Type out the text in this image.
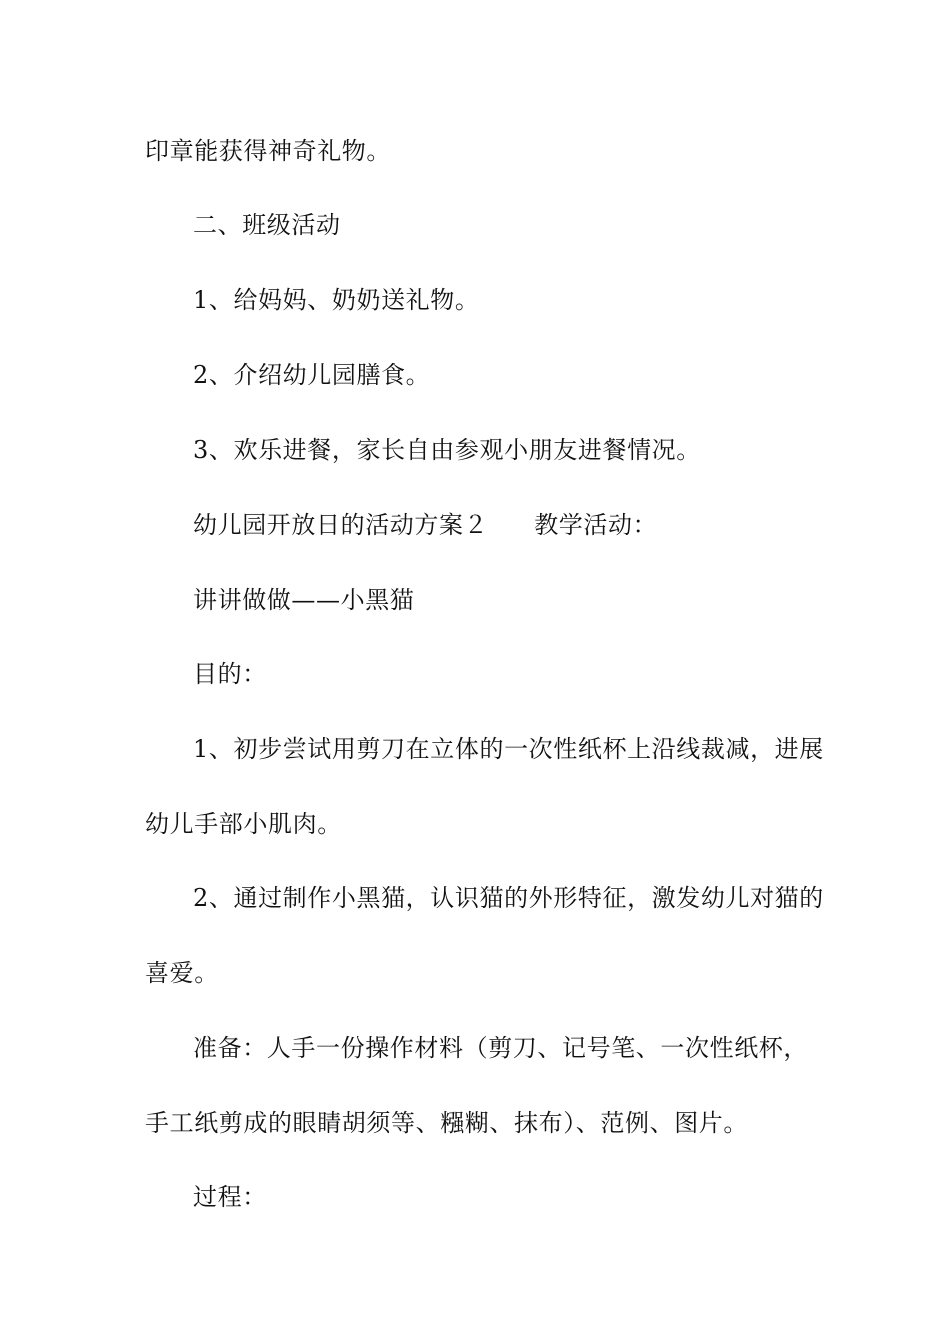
印章能获得神奇礼物。
二、班级活动
1、给妈妈、奶奶送礼物。
2、介绍幼儿园膳食。
3、欢乐进餐，家长自由参观小朋友进餐情况。
幼儿园开放日的活动方案２ 教学活动：
讲讲做做——小黑猫
目的：
1、初步尝试用剪刀在立体的一次性纸杯上沿线裁减，进展
幼儿手部小肌肉。
2、通过制作小黑猫，认识猫的外形特征，激发幼儿对猫的
喜爱。
准备：人手一份操作材料（剪刀、记号笔、一次性纸杯，
手工纸剪成的眼睛胡须等、糨糊、抹布）、范例、图片。
过程：
